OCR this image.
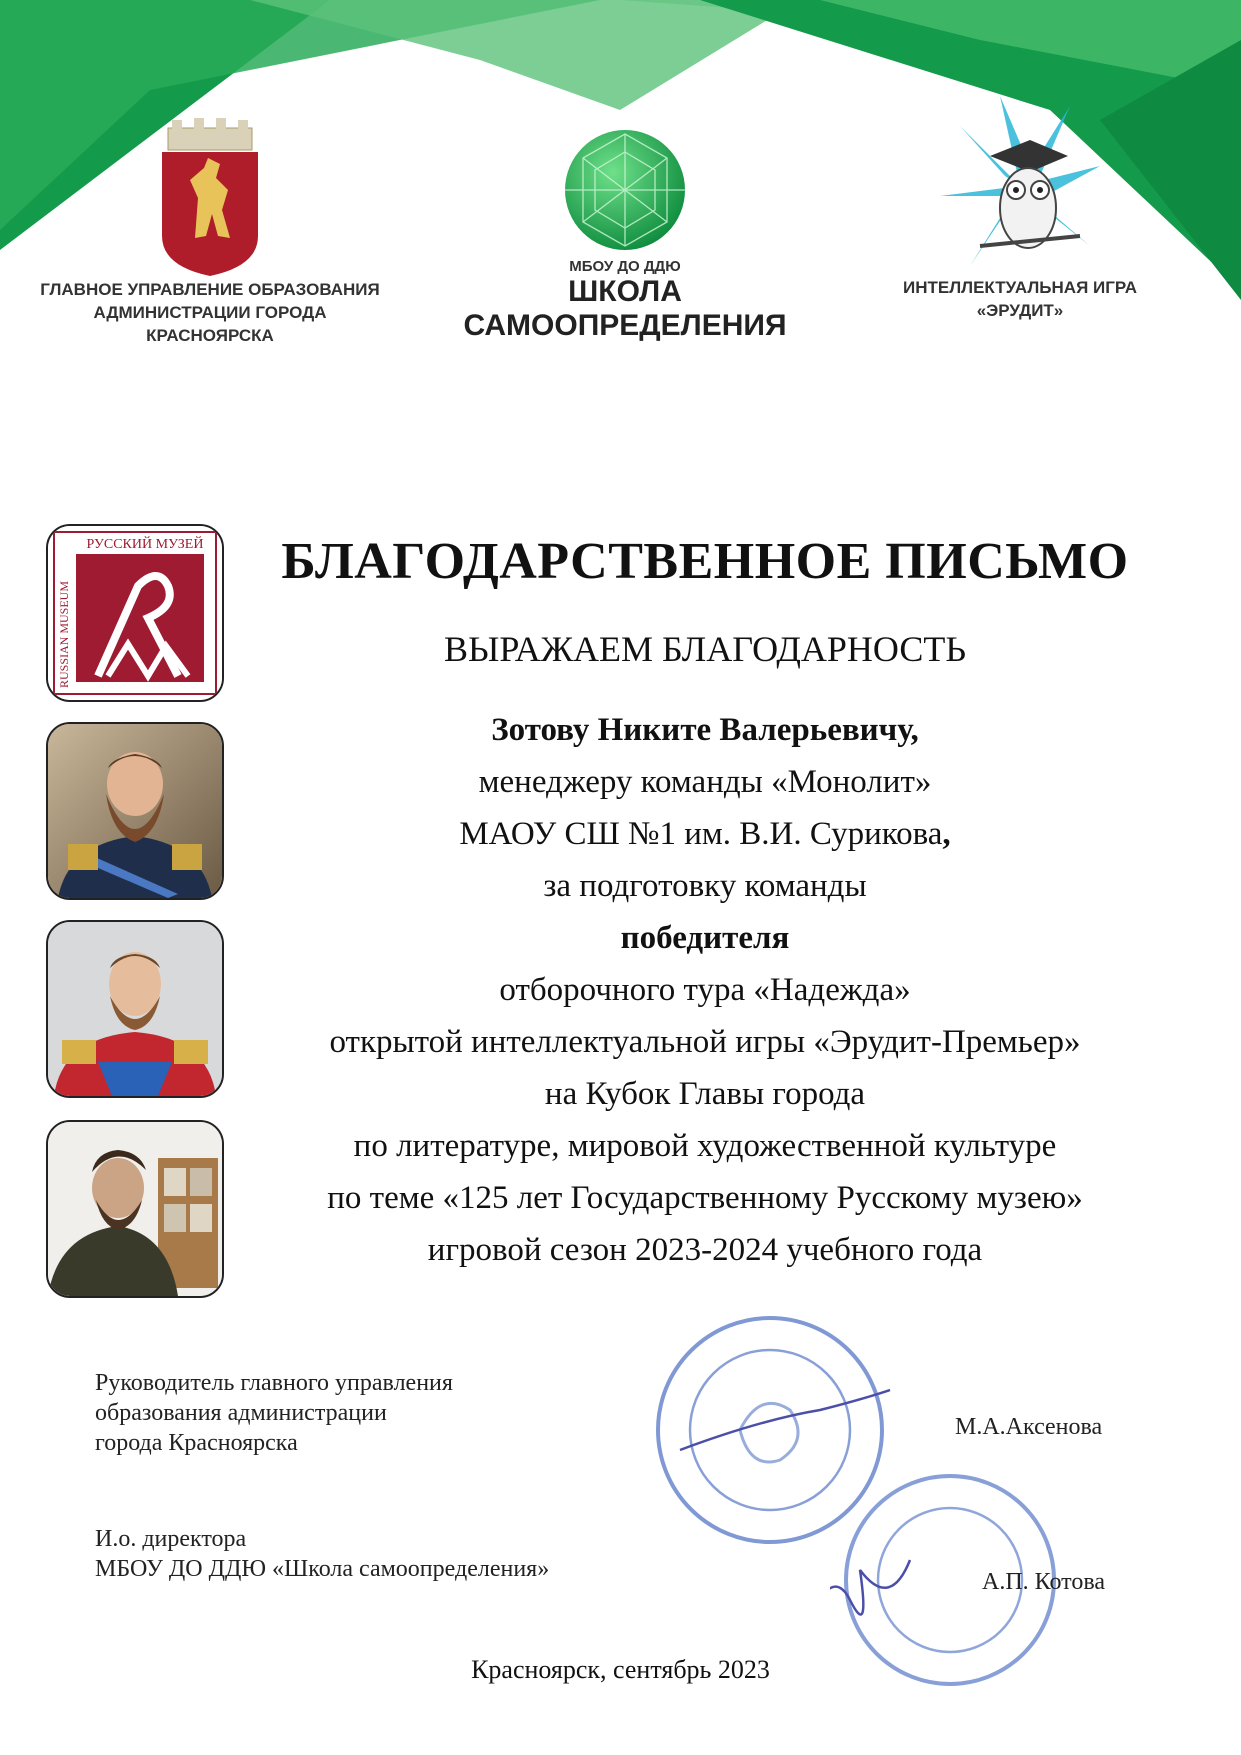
ГЛАВНОЕ УПРАВЛЕНИЕ ОБРАЗОВАНИЯ
АДМИНИСТРАЦИИ ГОРОДА
КРАСНОЯРСКА
МБОУ ДО ДДЮ
ШКОЛА
САМООПРЕДЕЛЕНИЯ
ИНТЕЛЛЕКТУАЛЬНАЯ ИГРА
«ЭРУДИТ»
РУССКИЙ МУЗЕЙ
RUSSIAN MUSEUM
БЛАГОДАРСТВЕННОЕ ПИСЬМО
ВЫРАЖАЕМ БЛАГОДАРНОСТЬ
Зотову Никите Валерьевичу,
менеджеру команды «Монолит»
МАОУ СШ №1 им. В.И. Сурикова,
за подготовку команды
победителя
отборочного тура «Надежда»
открытой интеллектуальной игры «Эрудит-Премьер»
на Кубок Главы города
по литературе, мировой художественной культуре
по теме «125 лет Государственному Русскому музею»
игровой сезон 2023-2024 учебного года
Руководитель главного управления
образования администрации
города Красноярска
М.А.Аксенова
И.о. директора
МБОУ ДО ДДЮ «Школа самоопределения»	А.П. Котова
Красноярск, сентябрь 2023
